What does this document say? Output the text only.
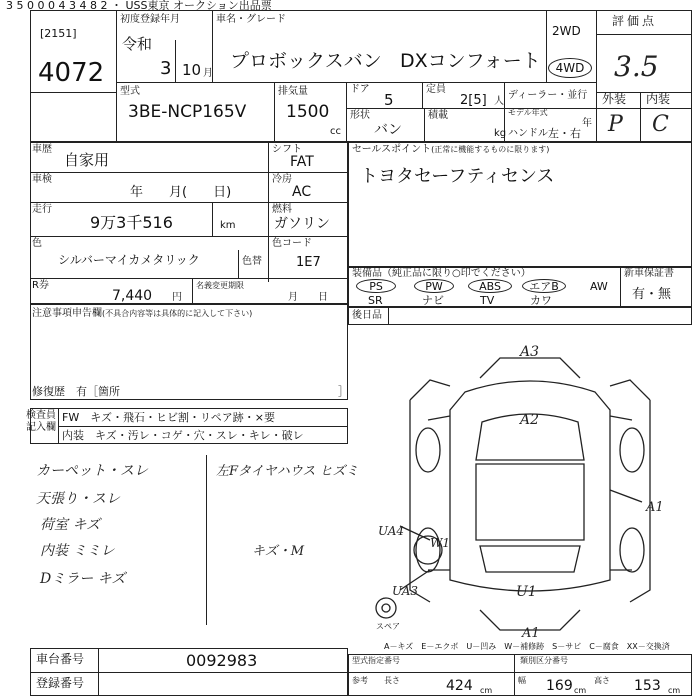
3 5 0 0 0 4 3 4 8 2 ・ USS東京 オークション出品票
[2151]
4072
初度登録年月
令和
3 10 月
車名・グレード
プロボックスバン DXコンフォート
2WD
4WD
評価点
3.5
外装 内装
P C
型式
3BE-NCP165V
排気量
1500
cc
ドア
5
定員
2[5] 人
ディーラー・並行
形状
バン
積載
kg
モデル年式
年
ハンドル 左・右
車歴
自家用
シフト
FAT
車検
年　　月(　　日)
冷房
AC
走行
9万3千516	km
燃料
ガソリン
色
シルバーマイカメタリック	色替
色コード
1E7
R券
7,440 円
名義変更期限
月　　日
セールスポイント(正常に機能するものに限ります)
トヨタセーフティセンス
装備品（純正品に限り○印でください）	新車保証書
有・無
PS	PW	ABS	エアB	AW
SR	ナビ	TV	カワ
後日品
注意事項申告欄(不具合内容等は具体的に記入して下さい)
修復歴　有［箇所	］
検査員記入欄
FW　キズ・飛石・ヒビ割・リペア跡・×要
内装　キズ・汚レ・コゲ・穴・スレ・キレ・破レ
カーペット・スレ
天張り・スレ
荷室 キズ
内装 ミミレ
Dミラー キズ
左Fタイヤハウス ヒズミ
キズ・M
A3
A2
A1
UA4
UA3
W1
U1
A1
スペア
A－キズ　E－エクボ　U－凹み　W－補修跡　S－サビ　C－腐食　XX－交換済
車台番号	0092983
登録番号
型式指定番号	類別区分番号
参考 長さ	424 cm
幅 169 cm
高さ 153 cm
